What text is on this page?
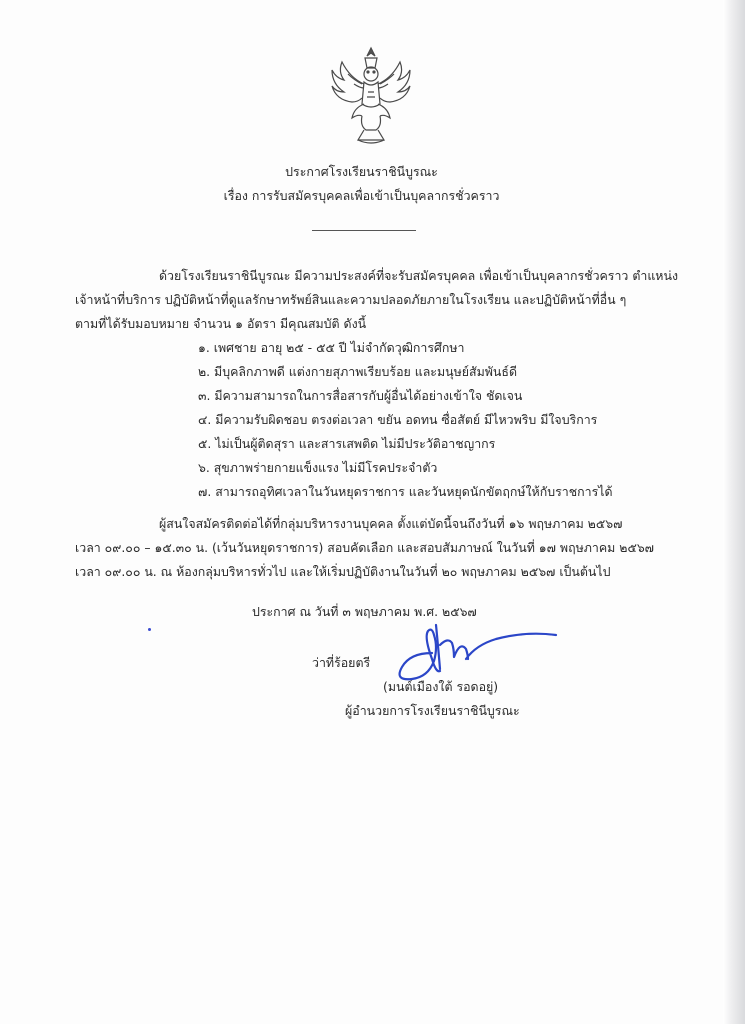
ประกาศโรงเรียนราชินีบูรณะ
เรื่อง การรับสมัครบุคคลเพื่อเข้าเป็นบุคลากรชั่วคราว
ด้วยโรงเรียนราชินีบูรณะ มีความประสงค์ที่จะรับสมัครบุคคล เพื่อเข้าเป็นบุคลากรชั่วคราว ตำแหน่ง
เจ้าหน้าที่บริการ ปฏิบัติหน้าที่ดูแลรักษาทรัพย์สินและความปลอดภัยภายในโรงเรียน และปฏิบัติหน้าที่อื่น ๆ
ตามที่ได้รับมอบหมาย จำนวน ๑ อัตรา มีคุณสมบัติ ดังนี้
๑. เพศชาย อายุ ๒๕ - ๕๕ ปี ไม่จำกัดวุฒิการศึกษา
๒. มีบุคลิกภาพดี แต่งกายสุภาพเรียบร้อย และมนุษย์สัมพันธ์ดี
๓. มีความสามารถในการสื่อสารกับผู้อื่นได้อย่างเข้าใจ ชัดเจน
๔. มีความรับผิดชอบ ตรงต่อเวลา ขยัน อดทน ซื่อสัตย์ มีไหวพริบ มีใจบริการ
๕. ไม่เป็นผู้ติดสุรา และสารเสพติด ไม่มีประวัติอาชญากร
๖. สุขภาพร่ายกายแข็งแรง ไม่มีโรคประจำตัว
๗. สามารถอุทิศเวลาในวันหยุดราชการ และวันหยุดนักขัตฤกษ์ให้กับราชการได้
ผู้สนใจสมัครติดต่อได้ที่กลุ่มบริหารงานบุคคล ตั้งแต่บัดนี้จนถึงวันที่ ๑๖ พฤษภาคม ๒๕๖๗
เวลา ๐๙.๐๐ – ๑๕.๓๐ น. (เว้นวันหยุดราชการ) สอบคัดเลือก และสอบสัมภาษณ์ ในวันที่ ๑๗ พฤษภาคม ๒๕๖๗
เวลา ๐๙.๐๐ น. ณ ห้องกลุ่มบริหารทั่วไป และให้เริ่มปฏิบัติงานในวันที่ ๒๐ พฤษภาคม ๒๕๖๗ เป็นต้นไป
ประกาศ ณ วันที่ ๓ พฤษภาคม พ.ศ. ๒๕๖๗
ว่าที่ร้อยตรี
(มนต์เมืองใต้ รอดอยู่)
ผู้อำนวยการโรงเรียนราชินีบูรณะ
